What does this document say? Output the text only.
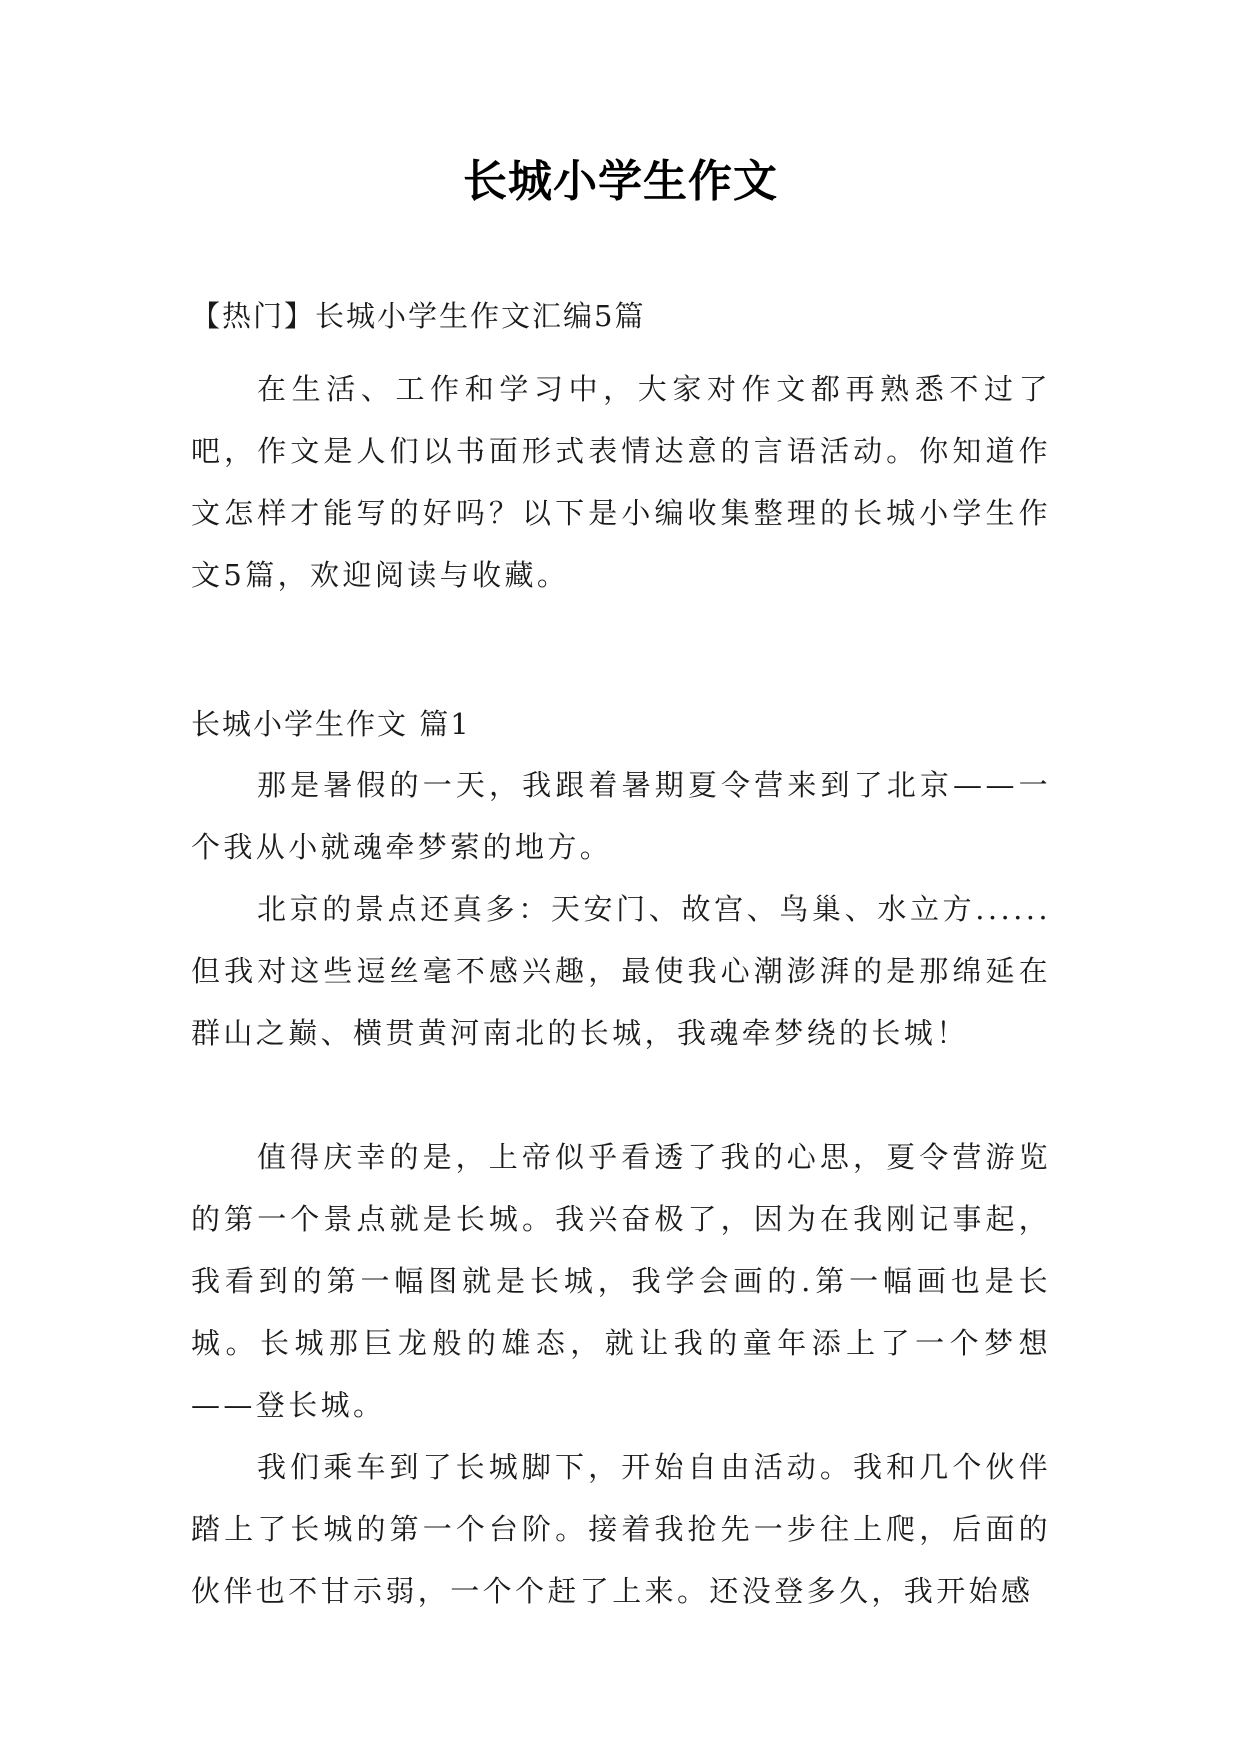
长城小学生作文
【热门】长城小学生作文汇编5篇

在生活、工作和学习中，大家对作文都再熟悉不过了吧，作文是人们以书面形式表情达意的言语活动。你知道作文怎样才能写的好吗？以下是小编收集整理的长城小学生作文5篇，欢迎阅读与收藏。

长城小学生作文 篇1

那是暑假的一天，我跟着暑期夏令营来到了北京——一个我从小就魂牵梦萦的地方。

北京的景点还真多：天安门、故宫、鸟巢、水立方......但我对这些逗丝毫不感兴趣，最使我心潮澎湃的是那绵延在群山之巅、横贯黄河南北的长城，我魂牵梦绕的长城！

值得庆幸的是，上帝似乎看透了我的心思，夏令营游览的第一个景点就是长城。我兴奋极了，因为在我刚记事起，我看到的第一幅图就是长城，我学会画的.第一幅画也是长城。长城那巨龙般的雄态，就让我的童年添上了一个梦想——登长城。

我们乘车到了长城脚下，开始自由活动。我和几个伙伴踏上了长城的第一个台阶。接着我抢先一步往上爬，后面的伙伴也不甘示弱，一个个赶了上来。还没登多久，我开始感
